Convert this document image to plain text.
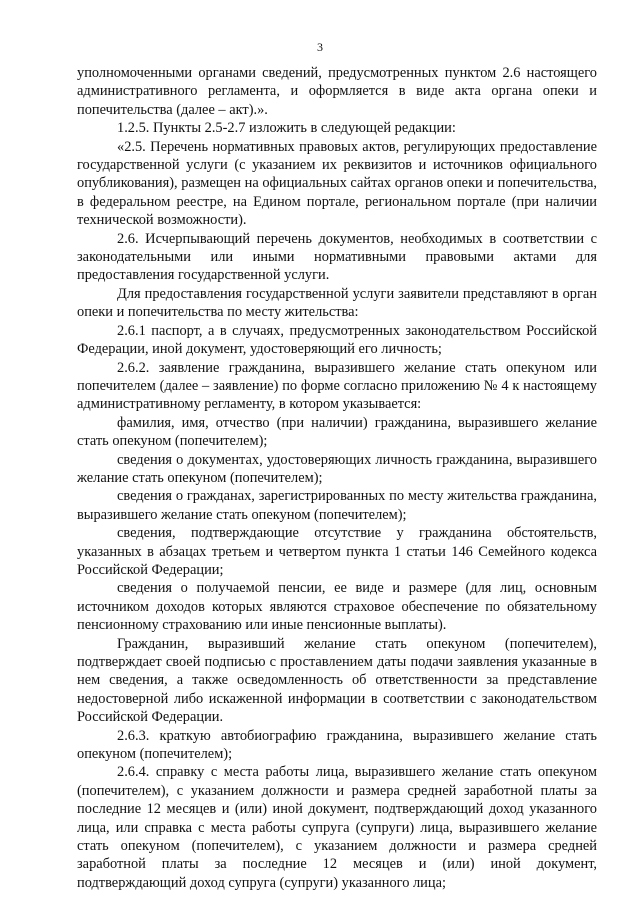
3

уполномоченными органами сведений, предусмотренных пунктом 2.6 настоящего административного регламента, и оформляется в виде акта органа опеки и попечительства (далее – акт).».

1.2.5. Пункты 2.5-2.7 изложить в следующей редакции:

«2.5. Перечень нормативных правовых актов, регулирующих предоставление государственной услуги (с указанием их реквизитов и источников официального опубликования), размещен на официальных сайтах органов опеки и попечительства, в федеральном реестре, на Едином портале, региональном портале (при наличии технической возможности).

2.6. Исчерпывающий перечень документов, необходимых в соответствии с законодательными или иными нормативными правовыми актами для предоставления государственной услуги.

Для предоставления государственной услуги заявители представляют в орган опеки и попечительства по месту жительства:

2.6.1 паспорт, а в случаях, предусмотренных законодательством Российской Федерации, иной документ, удостоверяющий его личность;

2.6.2. заявление гражданина, выразившего желание стать опекуном или попечителем (далее – заявление) по форме согласно приложению № 4 к настоящему административному регламенту, в котором указывается:

фамилия, имя, отчество (при наличии) гражданина, выразившего желание стать опекуном (попечителем);

сведения о документах, удостоверяющих личность гражданина, выразившего желание стать опекуном (попечителем);

сведения о гражданах, зарегистрированных по месту жительства гражданина, выразившего желание стать опекуном (попечителем);

сведения, подтверждающие отсутствие у гражданина обстоятельств, указанных в абзацах третьем и четвертом пункта 1 статьи 146 Семейного кодекса Российской Федерации;

сведения о получаемой пенсии, ее виде и размере (для лиц, основным источником доходов которых являются страховое обеспечение по обязательному пенсионному страхованию или иные пенсионные выплаты).

Гражданин, выразивший желание стать опекуном (попечителем), подтверждает своей подписью с проставлением даты подачи заявления указанные в нем сведения, а также осведомленность об ответственности за представление недостоверной либо искаженной информации в соответствии с законодательством Российской Федерации.

2.6.3. краткую автобиографию гражданина, выразившего желание стать опекуном (попечителем);

2.6.4. справку с места работы лица, выразившего желание стать опекуном (попечителем), с указанием должности и размера средней заработной платы за последние 12 месяцев и (или) иной документ, подтверждающий доход указанного лица, или справка с места работы супруга (супруги) лица, выразившего желание стать опекуном (попечителем), с указанием должности и размера средней заработной платы за последние 12 месяцев и (или) иной документ, подтверждающий доход супруга (супруги) указанного лица;
